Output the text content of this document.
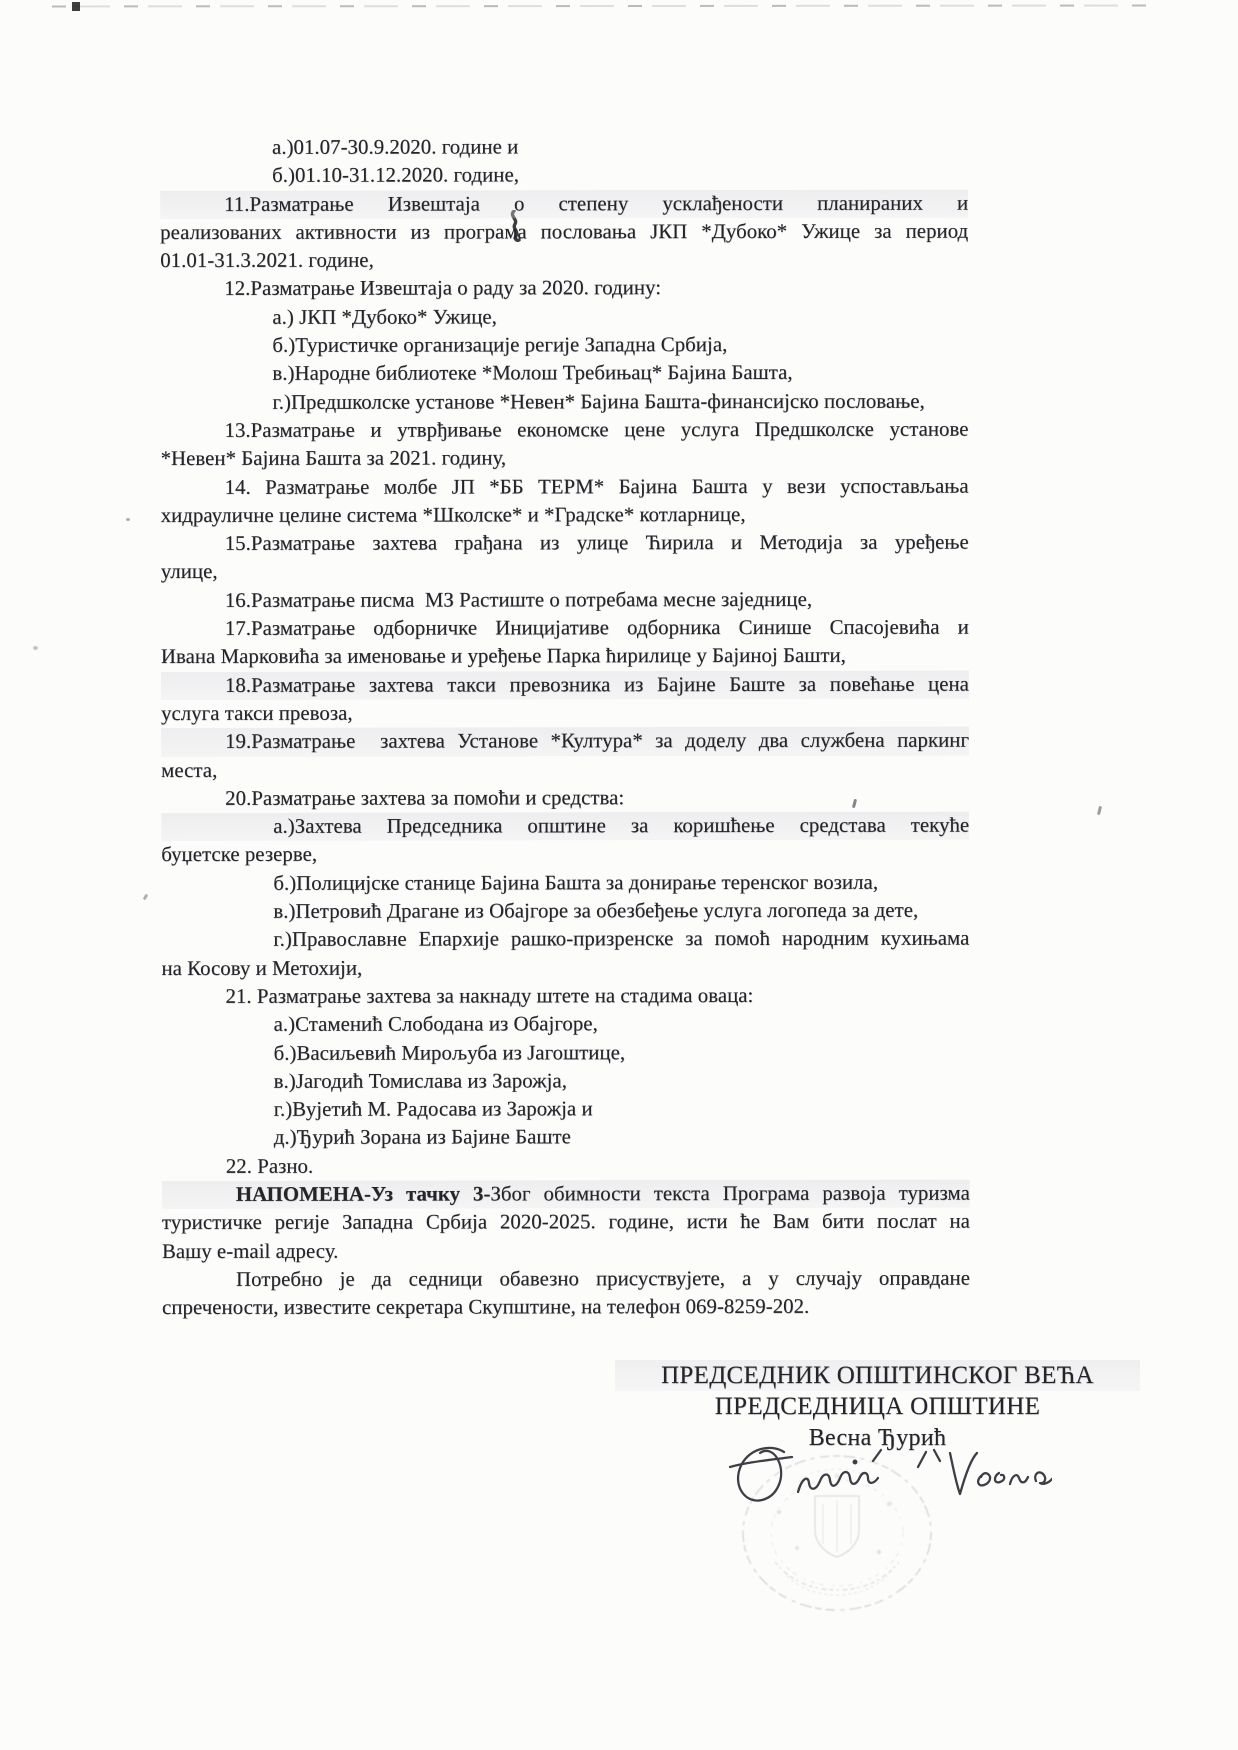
а.)01.07-30.9.2020. године и
б.)01.10-31.12.2020. године,
11.Разматрање Извештаја о степену усклађености планираних и
реализованих активности из програма пословања ЈКП *Дубоко* Ужице за период
01.01-31.3.2021. године,
12.Разматрање Извештаја о раду за 2020. годину:
а.) ЈКП *Дубоко* Ужице,
б.)Туристичке организације регије Западна Србија,
в.)Народне библиотеке *Молош Требињац* Бајина Башта,
г.)Предшколске установе *Невен* Бајина Башта-финансијско пословање,
13.Разматрање и утврђивање економске цене услуга Предшколске установе
*Невен* Бајина Башта за 2021. годину,
14. Разматрање молбе ЈП *ББ ТЕРМ* Бајина Башта у вези успостављања
хидрауличне целине система *Школске* и *Градске* котларнице,
15.Разматрање захтева грађана из улице Ћирила и Методија за уређење
улице,
16.Разматрање писма  МЗ Растиште о потребама месне заједнице,
17.Разматрање одборничке Иницијативе одборника Синише Спасојевића и
Ивана Марковића за именовање и уређење Парка ћирилице у Бајиној Башти,
18.Разматрање захтева такси превозника из Бајине Баште за повећање цена
услуга такси превоза,
19.Разматрање  захтева Установе *Култура* за доделу два службена паркинг
места,
20.Разматрање захтева за помоћи и средства:
а.)Захтева Председника општине за коришћење средстава текуће
буџетске резерве,
б.)Полицијске станице Бајина Башта за донирање теренског возила,
в.)Петровић Драгане из Обајгоре за обезбеђење услуга логопеда за дете,
г.)Православне Епархије рашко-призренске за помоћ народним кухињама
на Косову и Метохији,
21. Разматрање захтева за накнаду штете на стадима оваца:
а.)Стаменић Слободана из Обајгоре,
б.)Васиљевић Мирољуба из Јагоштице,
в.)Јагодић Томислава из Зарожја,
г.)Вујетић М. Радосава из Зарожја и
д.)Ђурић Зорана из Бајине Баште
22. Разно.
НАПОМЕНА-Уз тачку 3-Због обимности текста Програма развоја туризма
туристичке регије Западна Србија 2020-2025. године, исти ће Вам бити послат на
Вашу e-mail адресу.
Потребно је да седници обавезно присуствујете, а у случају оправдане
спречености, известите секретара Скупштине, на телефон 069-8259-202.
ПРЕДСЕДНИК ОПШТИНСКОГ ВЕЋА
ПРЕДСЕДНИЦА ОПШТИНЕ
Весна Ђурић
